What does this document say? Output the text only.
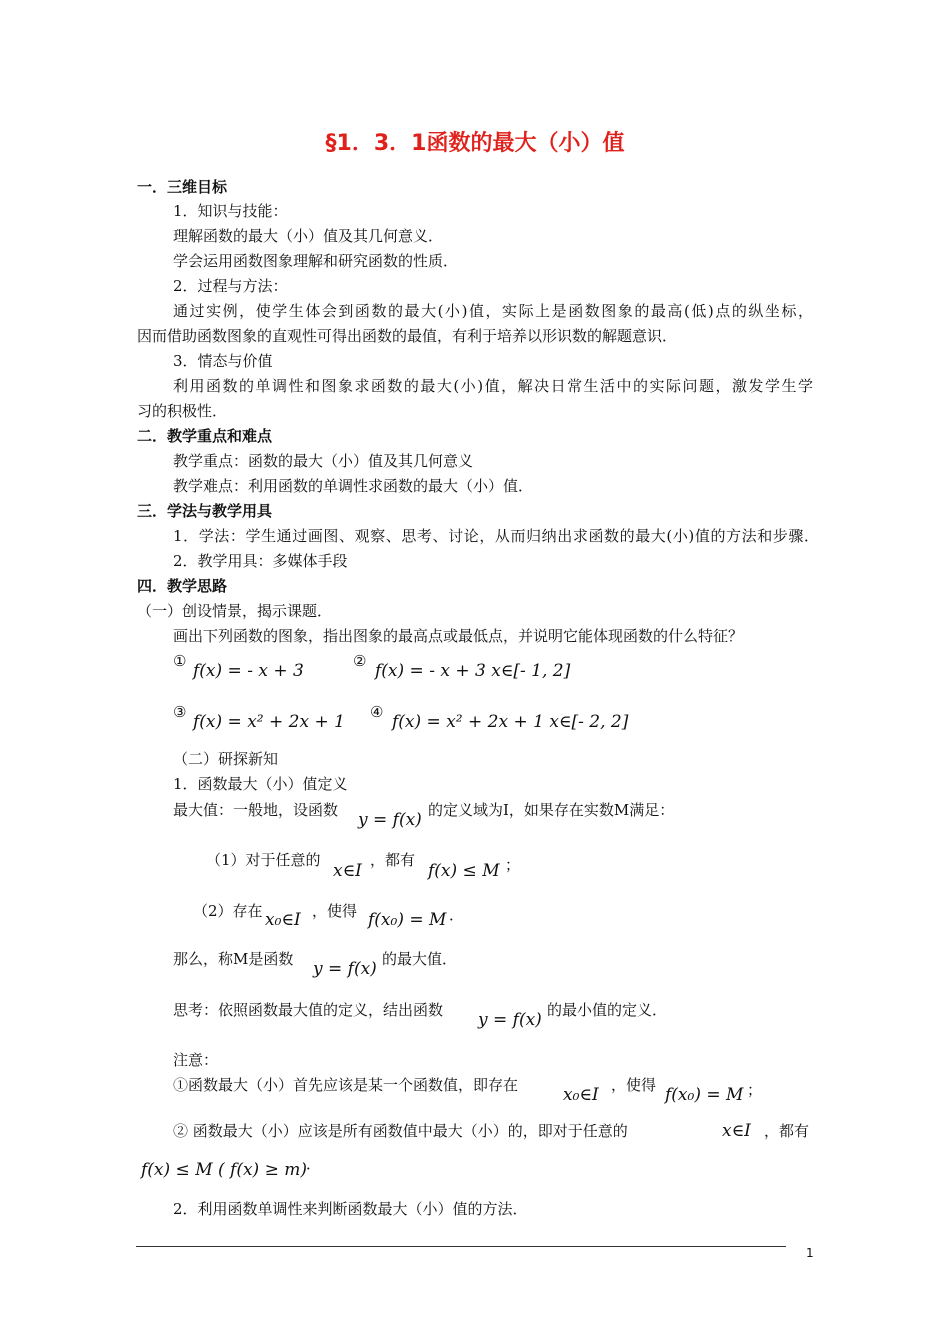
§1．3．1函数的最大（小）值
一．三维目标
1．知识与技能：
理解函数的最大（小）值及其几何意义．
学会运用函数图象理解和研究函数的性质．
2．过程与方法：
通过实例，使学生体会到函数的最大(小)值，实际上是函数图象的最高(低)点的纵坐标，
因而借助函数图象的直观性可得出函数的最值，有利于培养以形识数的解题意识．
3．情态与价值
利用函数的单调性和图象求函数的最大(小)值，解决日常生活中的实际问题，激发学生学
习的积极性．
二．教学重点和难点
教学重点：函数的最大（小）值及其几何意义
教学难点：利用函数的单调性求函数的最大（小）值．
三．学法与教学用具
1．学法：学生通过画图、观察、思考、讨论，从而归纳出求函数的最大(小)值的方法和步骤．
2．教学用具：多媒体手段
四．教学思路
（一）创设情景，揭示课题．
画出下列函数的图象，指出图象的最高点或最低点，并说明它能体现函数的什么特征？
① f(x) = - x + 3	② f(x) = - x + 3 x∈[- 1, 2]
③ f(x) = x² + 2x + 1 ④ f(x) = x² + 2x + 1 x∈[- 2, 2]
（二）研探新知
1．函数最大（小）值定义
最大值：一般地，设函数 y = f(x) 的定义域为I，如果存在实数M满足：
（1）对于任意的
x∈I
，都有
f(x) ≤ M ；
（2）存在 x₀∈I ，使得 f(x₀) = M ．
那么，称M是函数 y = f(x) 的最大值．
思考：依照函数最大值的定义，结出函数 y = f(x) 的最小值的定义．
注意：
①函数最大（小）首先应该是某一个函数值，即存在	x₀∈I ，使得 f(x₀) = M ；
② 函数最大（小）应该是所有函数值中最大（小）的，即对于任意的	x∈I ，都有
f(x) ≤ M ( f(x) ≥ m) ．
2．利用函数单调性来判断函数最大（小）值的方法．
1
